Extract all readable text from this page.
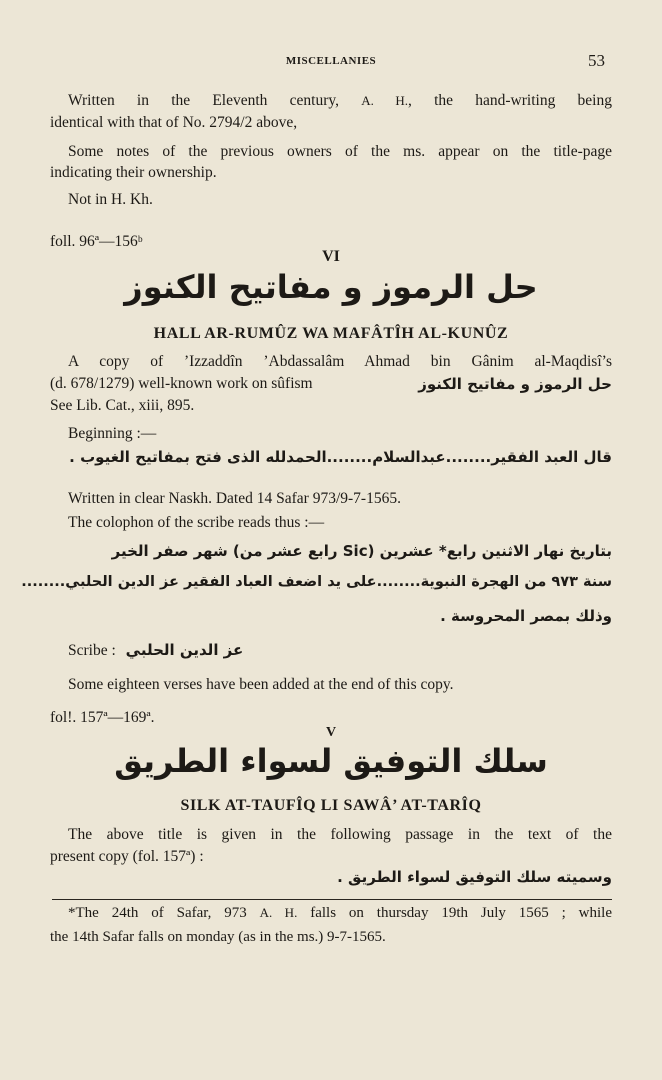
MISCELLANIES	53
Written in the Eleventh century, A. H., the hand-writing being
identical with that of No. 2794/2 above,
Some notes of the previous owners of the ms. appear on the title-page
indicating their ownership.
Not in H. Kh.
foll. 96ª—156ᵇ
VI
حل الرموز و مفاتيح الكنوز
HALL AR-RUMÛZ WA MAFÂTÎH AL-KUNÛZ
A copy of ’Izzaddîn ’Abdassalâm Ahmad bin Gânim al-Maqdisî’s
(d. 678/1279) well-known work on sûfism	حل الرموز و مفاتيح الكنوز
See Lib. Cat., xiii, 895.
Beginning :—
قال العبد الفقير........عبدالسلام........الحمدلله الذى فتح بمفاتيح الغيوب .
Written in clear Naskh. Dated 14 Safar 973/9-7-1565.
The colophon of the scribe reads thus :—
بتاريخ نهار الاثنين رابع* عشرين (Sic رابع عشر من) شهر صفر الخير
سنة ۹۷۳ من الهجرة النبوية........على يد اضعف العباد الفقير عز الدين الحلبي........
وذلك بمصر المحروسة .
Scribe : عز الدين الحلبي
Some eighteen verses have been added at the end of this copy.
fol!. 157ª—169ª.
V
سلك التوفيق لسواء الطريق
SILK AT-TAUFÎQ LI SAWÂ’ AT-TARÎQ
The above title is given in the following passage in the text of the
present copy (fol. 157ª) :
وسميته سلك التوفيق لسواء الطريق .
*The 24th of Safar, 973 A. H. falls on thursday 19th July 1565 ; while
the 14th Safar falls on monday (as in the ms.) 9-7-1565.
